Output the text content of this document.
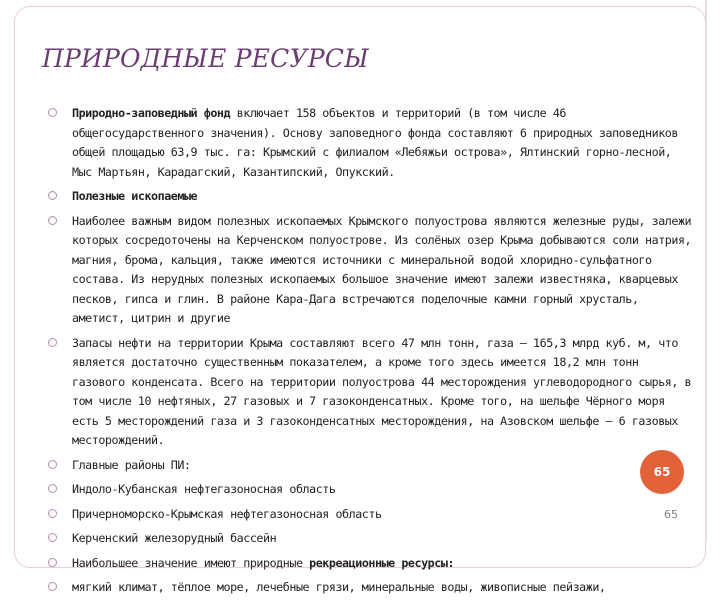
ПРИРОДНЫЕ РЕСУРСЫ
Природно-заповедный фонд включает 158 объектов и территорий (в том числе 46 общегосударственного значения). Основу заповедного фонда составляют 6 природных заповедников общей площадью 63,9 тыс. га: Крымский с филиалом «Лебяжьи острова», Ялтинский горно-лесной, Мыс Мартьян, Карадагский, Казантипский, Опукский.
Полезные ископаемые
Наиболее важным видом полезных ископаемых Крымского полуострова являются железные руды, залежи которых сосредоточены на Керченском полуострове. Из солёных озер Крыма добываются соли натрия, магния, брома, кальция, также имеются источники с минеральной водой хлоридно-сульфатного состава. Из нерудных полезных ископаемых большое значение имеют залежи известняка, кварцевых песков, гипса и глин. В районе Кара-Дага встречаются поделочные камни горный хрусталь, аметист, цитрин и другие
Запасы нефти на территории Крыма составляют всего 47 млн тонн, газа — 165,3 млрд куб. м, что является достаточно существенным показателем, а кроме того здесь имеется 18,2 млн тонн газового конденсата. Всего на территории полуострова 44 месторождения углеводородного сырья, в том числе 10 нефтяных, 27 газовых и 7 газоконденсатных. Кроме того, на шельфе Чёрного моря есть 5 месторождений газа и 3 газоконденсатных месторождения, на Азовском шельфе — 6 газовых месторождений.
Главные районы ПИ:
Индоло-Кубанская нефтегазоносная область
Причерноморско-Крымская нефтегазоносная область
Керченский железорудный бассейн
Наибольшее значение имеют природные рекреационные ресурсы:
мягкий климат, тёплое море, лечебные грязи, минеральные воды, живописные пейзажи,
65
65
